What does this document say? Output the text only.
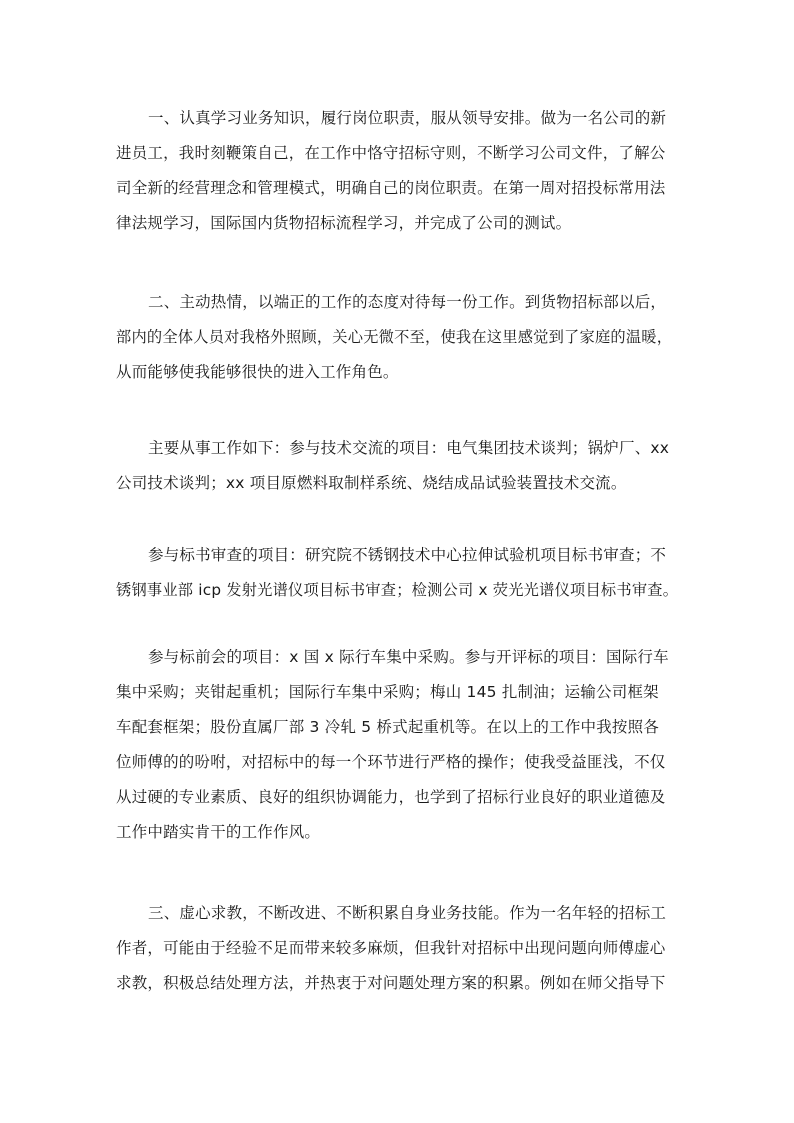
一、认真学习业务知识，履行岗位职责，服从领导安排。做为一名公司的新
进员工，我时刻鞭策自己，在工作中恪守招标守则，不断学习公司文件，了解公
司全新的经营理念和管理模式，明确自己的岗位职责。在第一周对招投标常用法
律法规学习，国际国内货物招标流程学习，并完成了公司的测试。
二、主动热情，以端正的工作的态度对待每一份工作。到货物招标部以后，
部内的全体人员对我格外照顾，关心无微不至，使我在这里感觉到了家庭的温暖，
从而能够使我能够很快的进入工作角色。
主要从事工作如下：参与技术交流的项目：电气集团技术谈判；锅炉厂、xx
公司技术谈判；xx 项目原燃料取制样系统、烧结成品试验装置技术交流。
参与标书审查的项目：研究院不锈钢技术中心拉伸试验机项目标书审查；不
锈钢事业部 icp 发射光谱仪项目标书审查；检测公司 x 荧光光谱仪项目标书审查。
参与标前会的项目：x 国 x 际行车集中采购。参与开评标的项目：国际行车
集中采购；夹钳起重机；国际行车集中采购；梅山 145 扎制油；运输公司框架
车配套框架；股份直属厂部 3 冷轧 5 桥式起重机等。在以上的工作中我按照各
位师傅的的吩咐，对招标中的每一个环节进行严格的操作；使我受益匪浅，不仅
从过硬的专业素质、良好的组织协调能力，也学到了招标行业良好的职业道德及
工作中踏实肯干的工作作风。
三、虚心求教，不断改进、不断积累自身业务技能。作为一名年轻的招标工
作者，可能由于经验不足而带来较多麻烦，但我针对招标中出现问题向师傅虚心
求教，积极总结处理方法，并热衷于对问题处理方案的积累。例如在师父指导下
